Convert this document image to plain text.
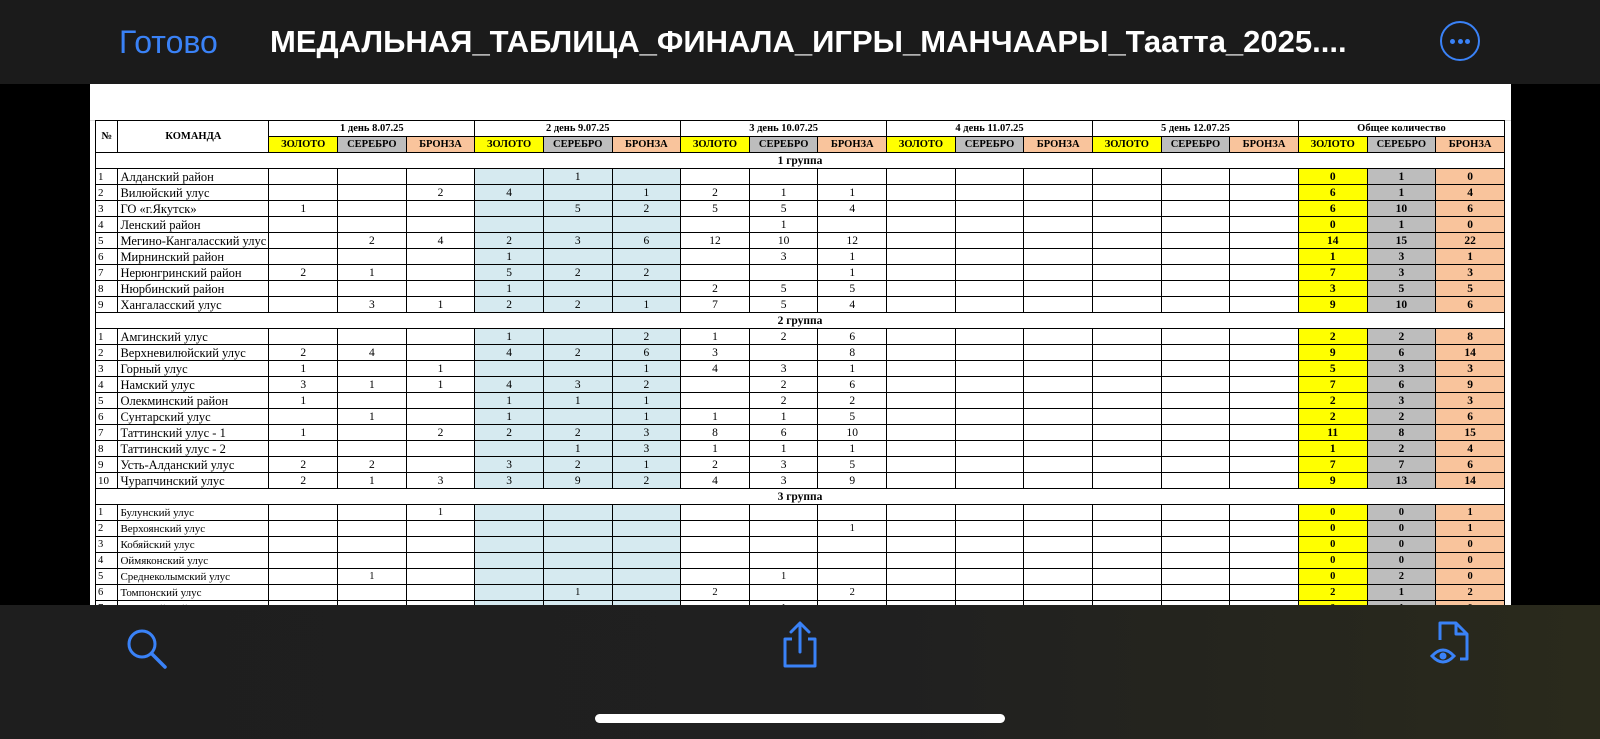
Готово МЕДАЛЬНАЯ_ТАБЛИЦА_ФИНАЛА_ИГРЫ_МАНЧААРЫ_Таатта_2025....
№	КОМАНДА	1 день 8.07.25			2 день 9.07.25			3 день 10.07.25			4 день 11.07.25			5 день 12.07.25			Общее количество		
		ЗОЛОТО	СЕРЕБРО	БРОНЗА	ЗОЛОТО	СЕРЕБРО	БРОНЗА	ЗОЛОТО	СЕРЕБРО	БРОНЗА	ЗОЛОТО	СЕРЕБРО	БРОНЗА	ЗОЛОТО	СЕРЕБРО	БРОНЗА	ЗОЛОТО	СЕРЕБРО	БРОНЗА
1 группа																			
1	Алданский район					1											0	1	0
2	Вилюйский улус			2	4		1	2	1	1							6	1	4
3	ГО «г.Якутск»	1				5	2	5	5	4							6	10	6
4	Ленский район								1								0	1	0
5	Мегино-Кангаласский улус		2	4	2	3	6	12	10	12							14	15	22
6	Мирнинский район				1				3	1							1	3	1
7	Нерюнгринский район	2	1		5	2	2			1							7	3	3
8	Нюрбинский район				1			2	5	5							3	5	5
9	Хангаласский улус		3	1	2	2	1	7	5	4							9	10	6
2 группа																			
1	Амгинский улус				1		2	1	2	6							2	2	8
2	Верхневилюйский улус	2	4		4	2	6	3		8							9	6	14
3	Горный улус	1		1			1	4	3	1							5	3	3
4	Намский улус	3	1	1	4	3	2		2	6							7	6	9
5	Олекминский район	1			1	1	1		2	2							2	3	3
6	Сунтарский улус		1		1		1	1	1	5							2	2	6
7	Таттинский улус - 1	1		2	2	2	3	8	6	10							11	8	15
8	Таттинский улус - 2					1	3	1	1	1							1	2	4
9	Усть-Алданский улус	2	2		3	2	1	2	3	5							7	7	6
10	Чурапчинский улус	2	1	3	3	9	2	4	3	9							9	13	14
3 группа																			
1	Булунский улус			1													0	0	1
2	Верхоянский улус									1							0	0	1
3	Кобяйский улус																0	0	0
4	Оймяконский улус																0	0	0
5	Среднеколымский улус		1						1								0	2	0
6	Томпонский улус					1		2		2							2	1	2
